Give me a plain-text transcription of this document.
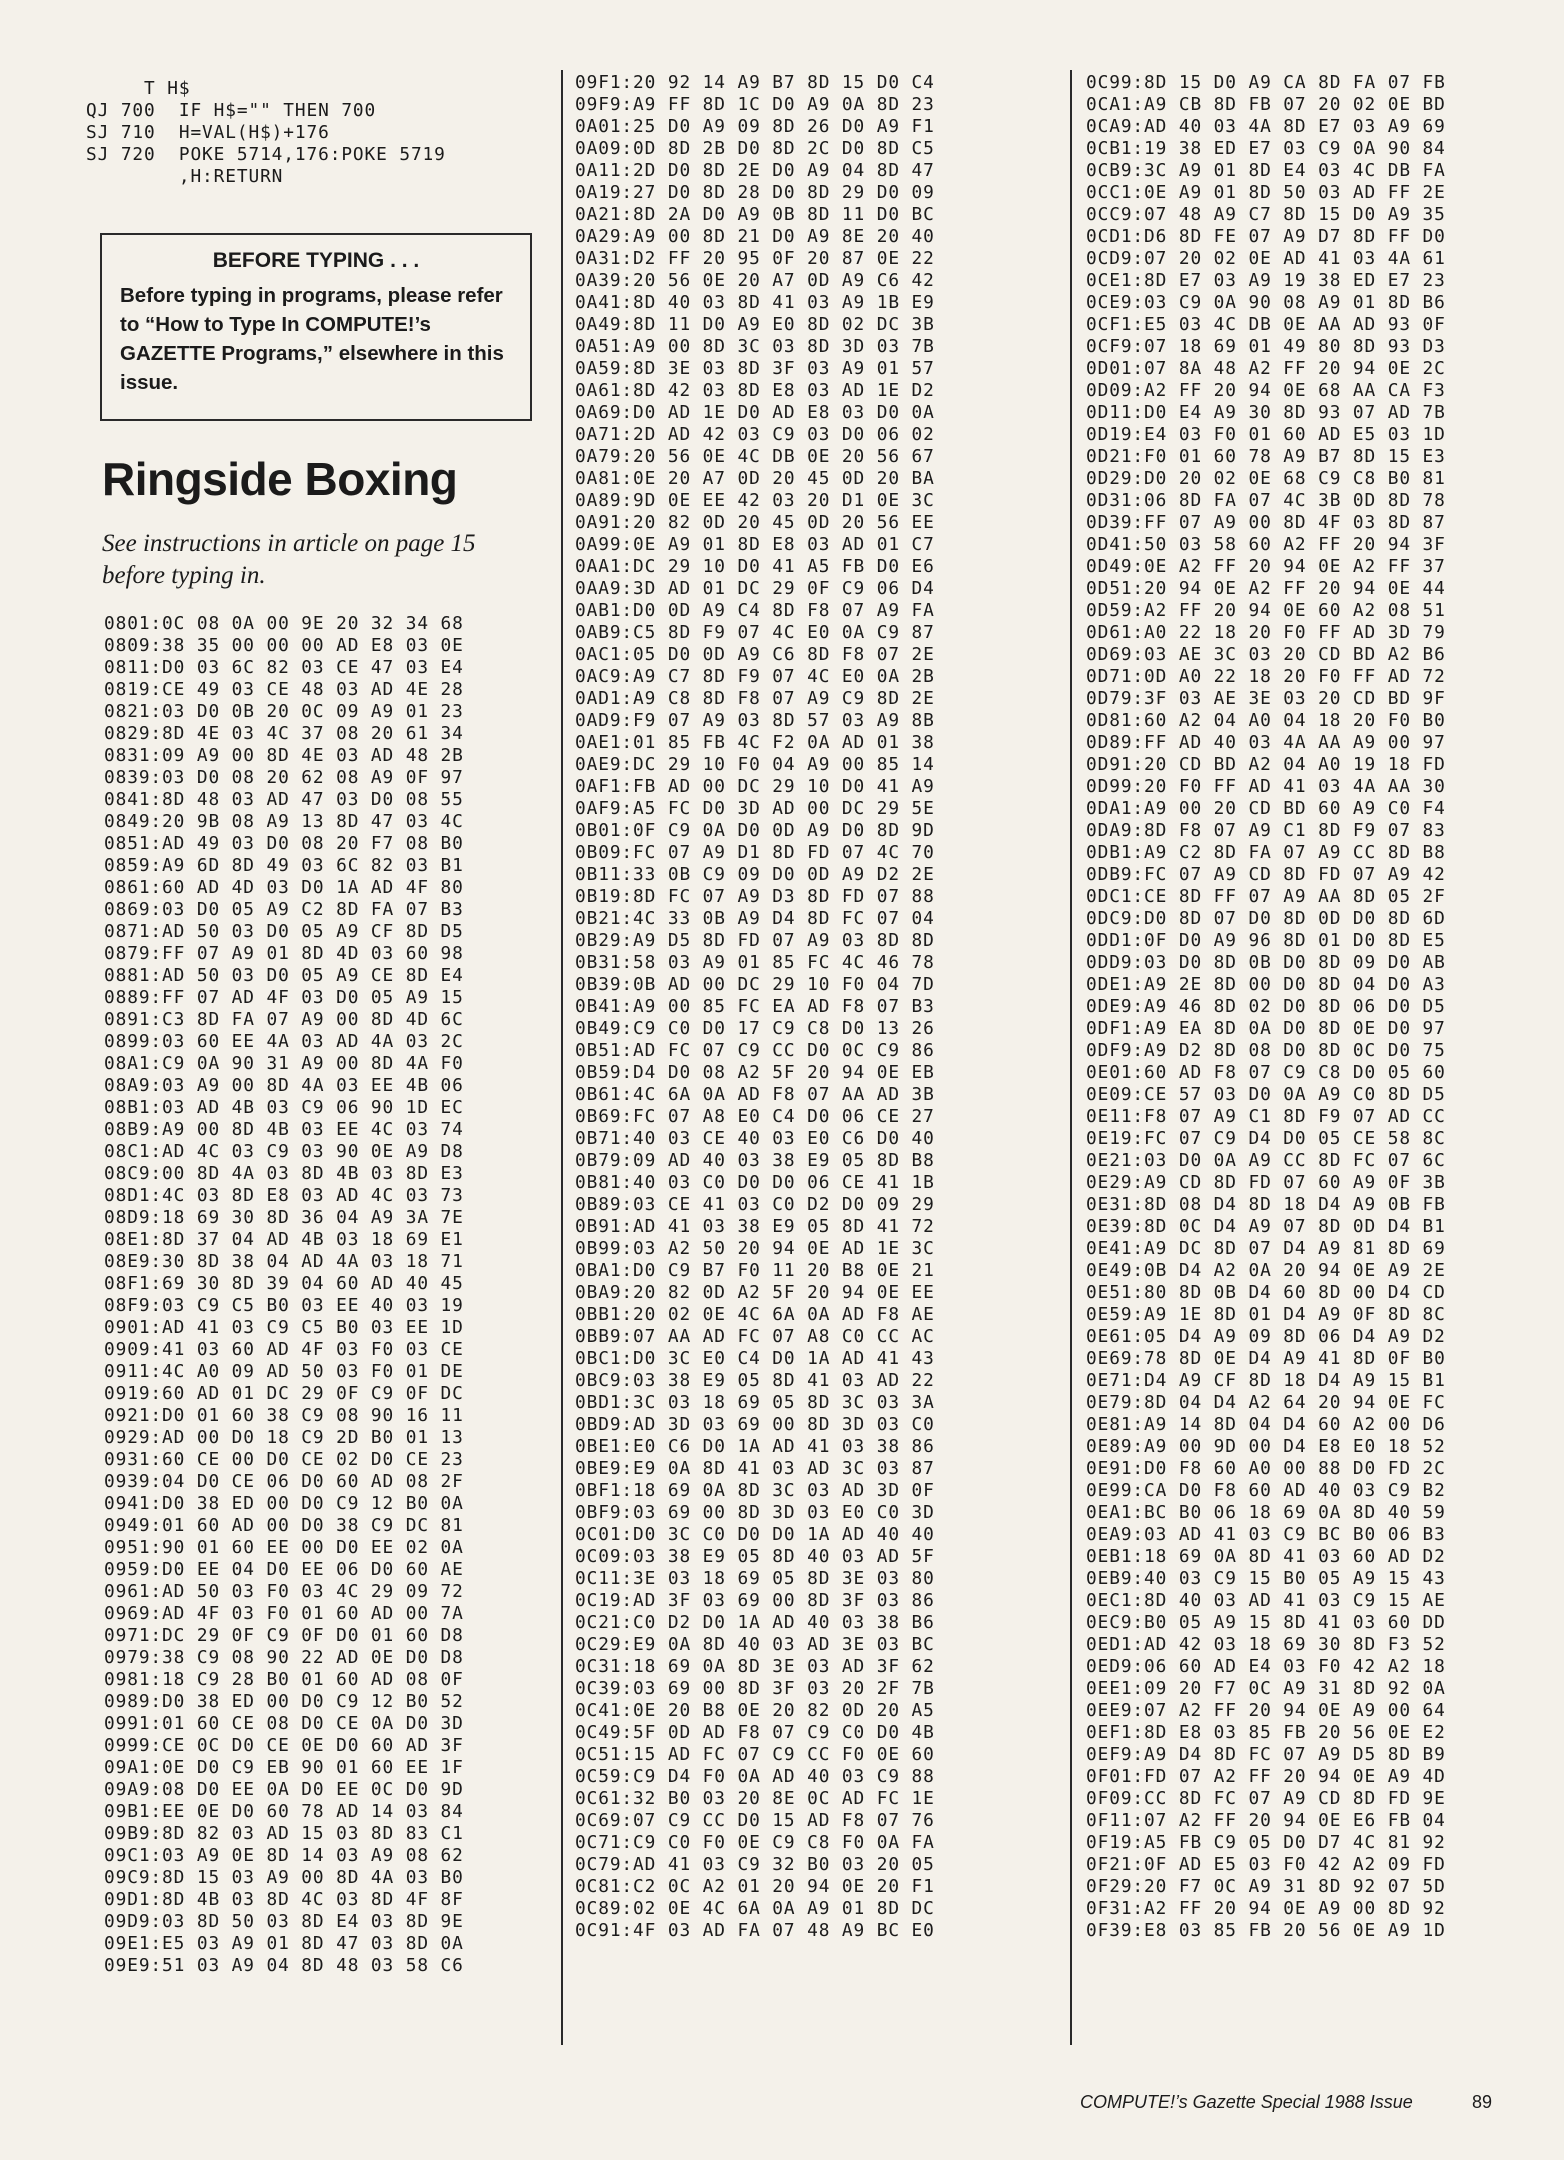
T H$
QJ 700  IF H$="" THEN 700
SJ 710  H=VAL(H$)+176
SJ 720  POKE 5714,176:POKE 5719
,H:RETURN
BEFORE TYPING . . .
Before typing in programs, please refer to “How to Type In COMPUTE!’s GAZETTE Programs,” elsewhere in this issue.
Ringside Boxing
See instructions in article on page 15 before typing in.
0801:0C 08 0A 00 9E 20 32 34 68
0809:38 35 00 00 00 AD E8 03 0E
0811:D0 03 6C 82 03 CE 47 03 E4
0819:CE 49 03 CE 48 03 AD 4E 28
0821:03 D0 0B 20 0C 09 A9 01 23
0829:8D 4E 03 4C 37 08 20 61 34
0831:09 A9 00 8D 4E 03 AD 48 2B
0839:03 D0 08 20 62 08 A9 0F 97
0841:8D 48 03 AD 47 03 D0 08 55
0849:20 9B 08 A9 13 8D 47 03 4C
0851:AD 49 03 D0 08 20 F7 08 B0
0859:A9 6D 8D 49 03 6C 82 03 B1
0861:60 AD 4D 03 D0 1A AD 4F 80
0869:03 D0 05 A9 C2 8D FA 07 B3
0871:AD 50 03 D0 05 A9 CF 8D D5
0879:FF 07 A9 01 8D 4D 03 60 98
0881:AD 50 03 D0 05 A9 CE 8D E4
0889:FF 07 AD 4F 03 D0 05 A9 15
0891:C3 8D FA 07 A9 00 8D 4D 6C
0899:03 60 EE 4A 03 AD 4A 03 2C
08A1:C9 0A 90 31 A9 00 8D 4A F0
08A9:03 A9 00 8D 4A 03 EE 4B 06
08B1:03 AD 4B 03 C9 06 90 1D EC
08B9:A9 00 8D 4B 03 EE 4C 03 74
08C1:AD 4C 03 C9 03 90 0E A9 D8
08C9:00 8D 4A 03 8D 4B 03 8D E3
08D1:4C 03 8D E8 03 AD 4C 03 73
08D9:18 69 30 8D 36 04 A9 3A 7E
08E1:8D 37 04 AD 4B 03 18 69 E1
08E9:30 8D 38 04 AD 4A 03 18 71
08F1:69 30 8D 39 04 60 AD 40 45
08F9:03 C9 C5 B0 03 EE 40 03 19
0901:AD 41 03 C9 C5 B0 03 EE 1D
0909:41 03 60 AD 4F 03 F0 03 CE
0911:4C A0 09 AD 50 03 F0 01 DE
0919:60 AD 01 DC 29 0F C9 0F DC
0921:D0 01 60 38 C9 08 90 16 11
0929:AD 00 D0 18 C9 2D B0 01 13
0931:60 CE 00 D0 CE 02 D0 CE 23
0939:04 D0 CE 06 D0 60 AD 08 2F
0941:D0 38 ED 00 D0 C9 12 B0 0A
0949:01 60 AD 00 D0 38 C9 DC 81
0951:90 01 60 EE 00 D0 EE 02 0A
0959:D0 EE 04 D0 EE 06 D0 60 AE
0961:AD 50 03 F0 03 4C 29 09 72
0969:AD 4F 03 F0 01 60 AD 00 7A
0971:DC 29 0F C9 0F D0 01 60 D8
0979:38 C9 08 90 22 AD 0E D0 D8
0981:18 C9 28 B0 01 60 AD 08 0F
0989:D0 38 ED 00 D0 C9 12 B0 52
0991:01 60 CE 08 D0 CE 0A D0 3D
0999:CE 0C D0 CE 0E D0 60 AD 3F
09A1:0E D0 C9 EB 90 01 60 EE 1F
09A9:08 D0 EE 0A D0 EE 0C D0 9D
09B1:EE 0E D0 60 78 AD 14 03 84
09B9:8D 82 03 AD 15 03 8D 83 C1
09C1:03 A9 0E 8D 14 03 A9 08 62
09C9:8D 15 03 A9 00 8D 4A 03 B0
09D1:8D 4B 03 8D 4C 03 8D 4F 8F
09D9:03 8D 50 03 8D E4 03 8D 9E
09E1:E5 03 A9 01 8D 47 03 8D 0A
09E9:51 03 A9 04 8D 48 03 58 C6
09F1:20 92 14 A9 B7 8D 15 D0 C4
09F9:A9 FF 8D 1C D0 A9 0A 8D 23
0A01:25 D0 A9 09 8D 26 D0 A9 F1
0A09:0D 8D 2B D0 8D 2C D0 8D C5
0A11:2D D0 8D 2E D0 A9 04 8D 47
0A19:27 D0 8D 28 D0 8D 29 D0 09
0A21:8D 2A D0 A9 0B 8D 11 D0 BC
0A29:A9 00 8D 21 D0 A9 8E 20 40
0A31:D2 FF 20 95 0F 20 87 0E 22
0A39:20 56 0E 20 A7 0D A9 C6 42
0A41:8D 40 03 8D 41 03 A9 1B E9
0A49:8D 11 D0 A9 E0 8D 02 DC 3B
0A51:A9 00 8D 3C 03 8D 3D 03 7B
0A59:8D 3E 03 8D 3F 03 A9 01 57
0A61:8D 42 03 8D E8 03 AD 1E D2
0A69:D0 AD 1E D0 AD E8 03 D0 0A
0A71:2D AD 42 03 C9 03 D0 06 02
0A79:20 56 0E 4C DB 0E 20 56 67
0A81:0E 20 A7 0D 20 45 0D 20 BA
0A89:9D 0E EE 42 03 20 D1 0E 3C
0A91:20 82 0D 20 45 0D 20 56 EE
0A99:0E A9 01 8D E8 03 AD 01 C7
0AA1:DC 29 10 D0 41 A5 FB D0 E6
0AA9:3D AD 01 DC 29 0F C9 06 D4
0AB1:D0 0D A9 C4 8D F8 07 A9 FA
0AB9:C5 8D F9 07 4C E0 0A C9 87
0AC1:05 D0 0D A9 C6 8D F8 07 2E
0AC9:A9 C7 8D F9 07 4C E0 0A 2B
0AD1:A9 C8 8D F8 07 A9 C9 8D 2E
0AD9:F9 07 A9 03 8D 57 03 A9 8B
0AE1:01 85 FB 4C F2 0A AD 01 38
0AE9:DC 29 10 F0 04 A9 00 85 14
0AF1:FB AD 00 DC 29 10 D0 41 A9
0AF9:A5 FC D0 3D AD 00 DC 29 5E
0B01:0F C9 0A D0 0D A9 D0 8D 9D
0B09:FC 07 A9 D1 8D FD 07 4C 70
0B11:33 0B C9 09 D0 0D A9 D2 2E
0B19:8D FC 07 A9 D3 8D FD 07 88
0B21:4C 33 0B A9 D4 8D FC 07 04
0B29:A9 D5 8D FD 07 A9 03 8D 8D
0B31:58 03 A9 01 85 FC 4C 46 78
0B39:0B AD 00 DC 29 10 F0 04 7D
0B41:A9 00 85 FC EA AD F8 07 B3
0B49:C9 C0 D0 17 C9 C8 D0 13 26
0B51:AD FC 07 C9 CC D0 0C C9 86
0B59:D4 D0 08 A2 5F 20 94 0E EB
0B61:4C 6A 0A AD F8 07 AA AD 3B
0B69:FC 07 A8 E0 C4 D0 06 CE 27
0B71:40 03 CE 40 03 E0 C6 D0 40
0B79:09 AD 40 03 38 E9 05 8D B8
0B81:40 03 C0 D0 D0 06 CE 41 1B
0B89:03 CE 41 03 C0 D2 D0 09 29
0B91:AD 41 03 38 E9 05 8D 41 72
0B99:03 A2 50 20 94 0E AD 1E 3C
0BA1:D0 C9 B7 F0 11 20 B8 0E 21
0BA9:20 82 0D A2 5F 20 94 0E EE
0BB1:20 02 0E 4C 6A 0A AD F8 AE
0BB9:07 AA AD FC 07 A8 C0 CC AC
0BC1:D0 3C E0 C4 D0 1A AD 41 43
0BC9:03 38 E9 05 8D 41 03 AD 22
0BD1:3C 03 18 69 05 8D 3C 03 3A
0BD9:AD 3D 03 69 00 8D 3D 03 C0
0BE1:E0 C6 D0 1A AD 41 03 38 86
0BE9:E9 0A 8D 41 03 AD 3C 03 87
0BF1:18 69 0A 8D 3C 03 AD 3D 0F
0BF9:03 69 00 8D 3D 03 E0 C0 3D
0C01:D0 3C C0 D0 D0 1A AD 40 40
0C09:03 38 E9 05 8D 40 03 AD 5F
0C11:3E 03 18 69 05 8D 3E 03 80
0C19:AD 3F 03 69 00 8D 3F 03 86
0C21:C0 D2 D0 1A AD 40 03 38 B6
0C29:E9 0A 8D 40 03 AD 3E 03 BC
0C31:18 69 0A 8D 3E 03 AD 3F 62
0C39:03 69 00 8D 3F 03 20 2F 7B
0C41:0E 20 B8 0E 20 82 0D 20 A5
0C49:5F 0D AD F8 07 C9 C0 D0 4B
0C51:15 AD FC 07 C9 CC F0 0E 60
0C59:C9 D4 F0 0A AD 40 03 C9 88
0C61:32 B0 03 20 8E 0C AD FC 1E
0C69:07 C9 CC D0 15 AD F8 07 76
0C71:C9 C0 F0 0E C9 C8 F0 0A FA
0C79:AD 41 03 C9 32 B0 03 20 05
0C81:C2 0C A2 01 20 94 0E 20 F1
0C89:02 0E 4C 6A 0A A9 01 8D DC
0C91:4F 03 AD FA 07 48 A9 BC E0
0C99:8D 15 D0 A9 CA 8D FA 07 FB
0CA1:A9 CB 8D FB 07 20 02 0E BD
0CA9:AD 40 03 4A 8D E7 03 A9 69
0CB1:19 38 ED E7 03 C9 0A 90 84
0CB9:3C A9 01 8D E4 03 4C DB FA
0CC1:0E A9 01 8D 50 03 AD FF 2E
0CC9:07 48 A9 C7 8D 15 D0 A9 35
0CD1:D6 8D FE 07 A9 D7 8D FF D0
0CD9:07 20 02 0E AD 41 03 4A 61
0CE1:8D E7 03 A9 19 38 ED E7 23
0CE9:03 C9 0A 90 08 A9 01 8D B6
0CF1:E5 03 4C DB 0E AA AD 93 0F
0CF9:07 18 69 01 49 80 8D 93 D3
0D01:07 8A 48 A2 FF 20 94 0E 2C
0D09:A2 FF 20 94 0E 68 AA CA F3
0D11:D0 E4 A9 30 8D 93 07 AD 7B
0D19:E4 03 F0 01 60 AD E5 03 1D
0D21:F0 01 60 78 A9 B7 8D 15 E3
0D29:D0 20 02 0E 68 C9 C8 B0 81
0D31:06 8D FA 07 4C 3B 0D 8D 78
0D39:FF 07 A9 00 8D 4F 03 8D 87
0D41:50 03 58 60 A2 FF 20 94 3F
0D49:0E A2 FF 20 94 0E A2 FF 37
0D51:20 94 0E A2 FF 20 94 0E 44
0D59:A2 FF 20 94 0E 60 A2 08 51
0D61:A0 22 18 20 F0 FF AD 3D 79
0D69:03 AE 3C 03 20 CD BD A2 B6
0D71:0D A0 22 18 20 F0 FF AD 72
0D79:3F 03 AE 3E 03 20 CD BD 9F
0D81:60 A2 04 A0 04 18 20 F0 B0
0D89:FF AD 40 03 4A AA A9 00 97
0D91:20 CD BD A2 04 A0 19 18 FD
0D99:20 F0 FF AD 41 03 4A AA 30
0DA1:A9 00 20 CD BD 60 A9 C0 F4
0DA9:8D F8 07 A9 C1 8D F9 07 83
0DB1:A9 C2 8D FA 07 A9 CC 8D B8
0DB9:FC 07 A9 CD 8D FD 07 A9 42
0DC1:CE 8D FF 07 A9 AA 8D 05 2F
0DC9:D0 8D 07 D0 8D 0D D0 8D 6D
0DD1:0F D0 A9 96 8D 01 D0 8D E5
0DD9:03 D0 8D 0B D0 8D 09 D0 AB
0DE1:A9 2E 8D 00 D0 8D 04 D0 A3
0DE9:A9 46 8D 02 D0 8D 06 D0 D5
0DF1:A9 EA 8D 0A D0 8D 0E D0 97
0DF9:A9 D2 8D 08 D0 8D 0C D0 75
0E01:60 AD F8 07 C9 C8 D0 05 60
0E09:CE 57 03 D0 0A A9 C0 8D D5
0E11:F8 07 A9 C1 8D F9 07 AD CC
0E19:FC 07 C9 D4 D0 05 CE 58 8C
0E21:03 D0 0A A9 CC 8D FC 07 6C
0E29:A9 CD 8D FD 07 60 A9 0F 3B
0E31:8D 08 D4 8D 18 D4 A9 0B FB
0E39:8D 0C D4 A9 07 8D 0D D4 B1
0E41:A9 DC 8D 07 D4 A9 81 8D 69
0E49:0B D4 A2 0A 20 94 0E A9 2E
0E51:80 8D 0B D4 60 8D 00 D4 CD
0E59:A9 1E 8D 01 D4 A9 0F 8D 8C
0E61:05 D4 A9 09 8D 06 D4 A9 D2
0E69:78 8D 0E D4 A9 41 8D 0F B0
0E71:D4 A9 CF 8D 18 D4 A9 15 B1
0E79:8D 04 D4 A2 64 20 94 0E FC
0E81:A9 14 8D 04 D4 60 A2 00 D6
0E89:A9 00 9D 00 D4 E8 E0 18 52
0E91:D0 F8 60 A0 00 88 D0 FD 2C
0E99:CA D0 F8 60 AD 40 03 C9 B2
0EA1:BC B0 06 18 69 0A 8D 40 59
0EA9:03 AD 41 03 C9 BC B0 06 B3
0EB1:18 69 0A 8D 41 03 60 AD D2
0EB9:40 03 C9 15 B0 05 A9 15 43
0EC1:8D 40 03 AD 41 03 C9 15 AE
0EC9:B0 05 A9 15 8D 41 03 60 DD
0ED1:AD 42 03 18 69 30 8D F3 52
0ED9:06 60 AD E4 03 F0 42 A2 18
0EE1:09 20 F7 0C A9 31 8D 92 0A
0EE9:07 A2 FF 20 94 0E A9 00 64
0EF1:8D E8 03 85 FB 20 56 0E E2
0EF9:A9 D4 8D FC 07 A9 D5 8D B9
0F01:FD 07 A2 FF 20 94 0E A9 4D
0F09:CC 8D FC 07 A9 CD 8D FD 9E
0F11:07 A2 FF 20 94 0E E6 FB 04
0F19:A5 FB C9 05 D0 D7 4C 81 92
0F21:0F AD E5 03 F0 42 A2 09 FD
0F29:20 F7 0C A9 31 8D 92 07 5D
0F31:A2 FF 20 94 0E A9 00 8D 92
0F39:E8 03 85 FB 20 56 0E A9 1D
COMPUTE!’s Gazette Special 1988 Issue	89
